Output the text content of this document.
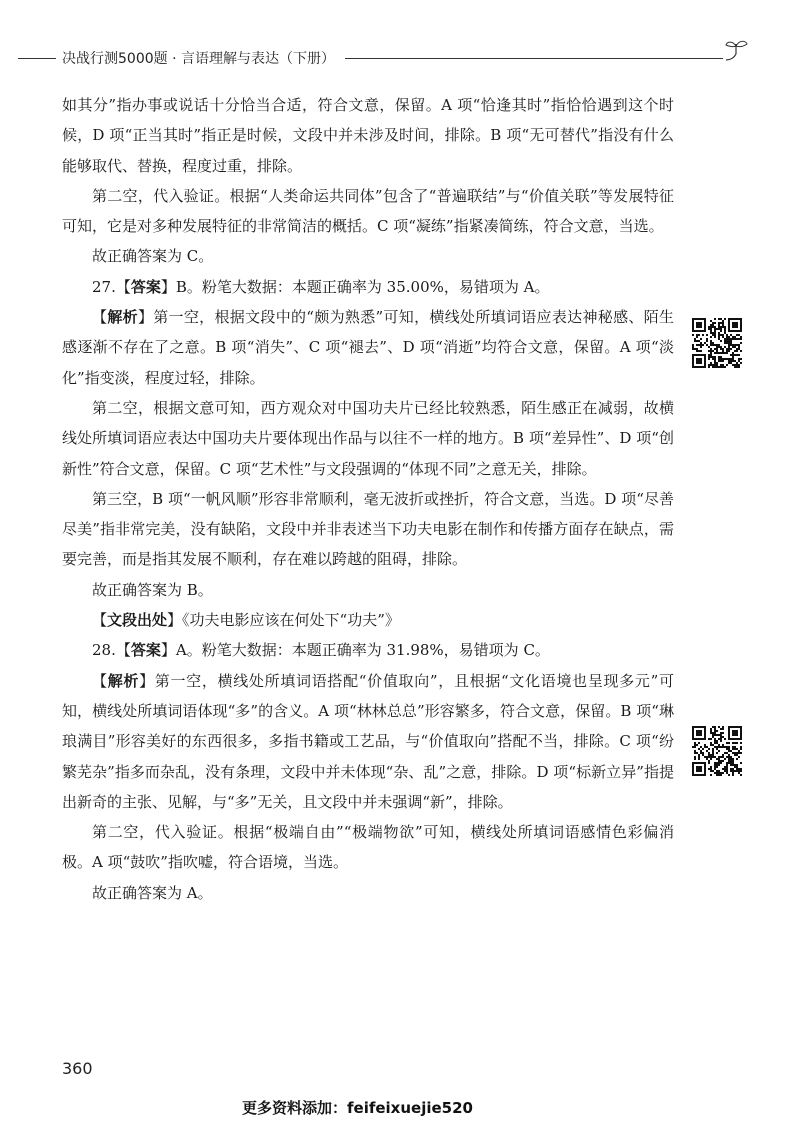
决战行测5000题 · 言语理解与表达（下册）

如其分”指办事或说话十分恰当合适，符合文意，保留。A 项“恰逢其时”指恰恰遇到这个时候，D 项“正当其时”指正是时候，文段中并未涉及时间，排除。B 项“无可替代”指没有什么能够取代、替换，程度过重，排除。

第二空，代入验证。根据“人类命运共同体”包含了“普遍联结”与“价值关联”等发展特征可知，它是对多种发展特征的非常简洁的概括。C 项“凝练”指紧凑简练，符合文意，当选。

故正确答案为 C。

27.【答案】B。粉笔大数据：本题正确率为 35.00%，易错项为 A。

【解析】第一空，根据文段中的“颇为熟悉”可知，横线处所填词语应表达神秘感、陌生感逐渐不存在了之意。B 项“消失”、C 项“褪去”、D 项“消逝”均符合文意，保留。A 项“淡化”指变淡，程度过轻，排除。

第二空，根据文意可知，西方观众对中国功夫片已经比较熟悉，陌生感正在减弱，故横线处所填词语应表达中国功夫片要体现出作品与以往不一样的地方。B 项“差异性”、D 项“创新性”符合文意，保留。C 项“艺术性”与文段强调的“体现不同”之意无关，排除。

第三空，B 项“一帆风顺”形容非常顺利，毫无波折或挫折，符合文意，当选。D 项“尽善尽美”指非常完美，没有缺陷，文段中并非表述当下功夫电影在制作和传播方面存在缺点，需要完善，而是指其发展不顺利，存在难以跨越的阻碍，排除。

故正确答案为 B。

【文段出处】《功夫电影应该在何处下“功夫”》

28.【答案】A。粉笔大数据：本题正确率为 31.98%，易错项为 C。

【解析】第一空，横线处所填词语搭配“价值取向”，且根据“文化语境也呈现多元”可知，横线处所填词语体现“多”的含义。A 项“林林总总”形容繁多，符合文意，保留。B 项“琳琅满目”形容美好的东西很多，多指书籍或工艺品，与“价值取向”搭配不当，排除。C 项“纷繁芜杂”指多而杂乱，没有条理，文段中并未体现“杂、乱”之意，排除。D 项“标新立异”指提出新奇的主张、见解，与“多”无关，且文段中并未强调“新”，排除。

第二空，代入验证。根据“极端自由”“极端物欲”可知，横线处所填词语感情色彩偏消极。A 项“鼓吹”指吹嘘，符合语境，当选。

故正确答案为 A。

360
更多资料添加：feifeixuejie520
